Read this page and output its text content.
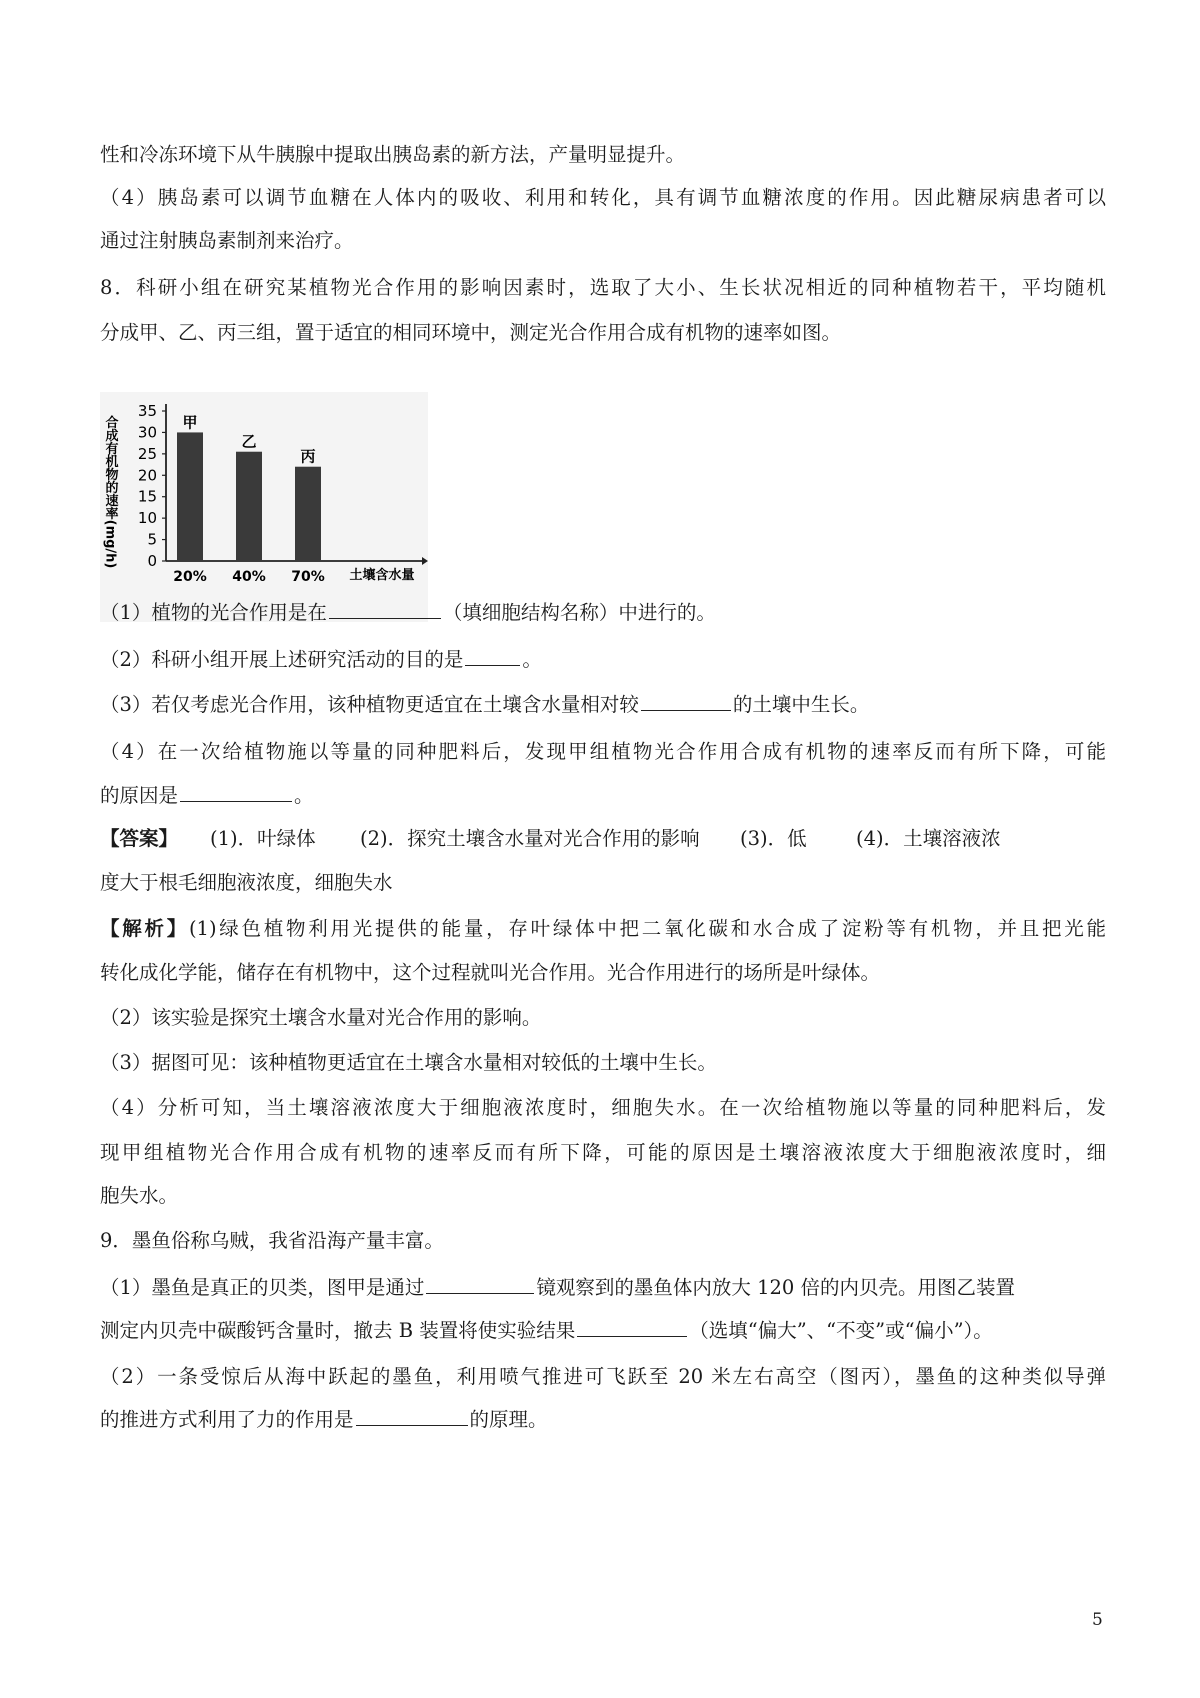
性和冷冻环境下从牛胰腺中提取出胰岛素的新方法，产量明显提升。
（4）胰岛素可以调节血糖在人体内的吸收、利用和转化，具有调节血糖浓度的作用。因此糖尿病患者可以
通过注射胰岛素制剂来治疗。
8．科研小组在研究某植物光合作用的影响因素时，选取了大小、生长状况相近的同种植物若干，平均随机
分成甲、乙、丙三组，置于适宜的相同环境中，测定光合作用合成有机物的速率如图。
合成有机物的速率(mg/h) 0
5
10
15
20
25
30
35
甲
乙
丙
20% 40% 70% 土壤含水量
（1）植物的光合作用是在	（填细胞结构名称）中进行的。
（2）科研小组开展上述研究活动的目的是	。
（3）若仅考虑光合作用，该种植物更适宜在土壤含水量相对较	的土壤中生长。
（4）在一次给植物施以等量的同种肥料后，发现甲组植物光合作用合成有机物的速率反而有所下降，可能
的原因是	。
【答案】 (1)．叶绿体 (2)．探究土壤含水量对光合作用的影响 (3)．低	(4)．土壤溶液浓
度大于根毛细胞液浓度，细胞失水
【解析】(1)绿色植物利用光提供的能量，存叶绿体中把二氧化碳和水合成了淀粉等有机物，并且把光能
转化成化学能，储存在有机物中，这个过程就叫光合作用。光合作用进行的场所是叶绿体。
（2）该实验是探究土壤含水量对光合作用的影响。
（3）据图可见：该种植物更适宜在土壤含水量相对较低的土壤中生长。
（4）分析可知，当土壤溶液浓度大于细胞液浓度时，细胞失水。在一次给植物施以等量的同种肥料后，发
现甲组植物光合作用合成有机物的速率反而有所下降，可能的原因是土壤溶液浓度大于细胞液浓度时，细
胞失水。
9．墨鱼俗称乌贼，我省沿海产量丰富。
（1）墨鱼是真正的贝类，图甲是通过	镜观察到的墨鱼体内放大 120 倍的内贝壳。用图乙装置
测定内贝壳中碳酸钙含量时，撤去 B 装置将使实验结果	（选填“偏大”、“不变”或“偏小”）。
（2）一条受惊后从海中跃起的墨鱼，利用喷气推进可飞跃至 20 米左右高空（图丙），墨鱼的这种类似导弹
的推进方式利用了力的作用是	的原理。
5
